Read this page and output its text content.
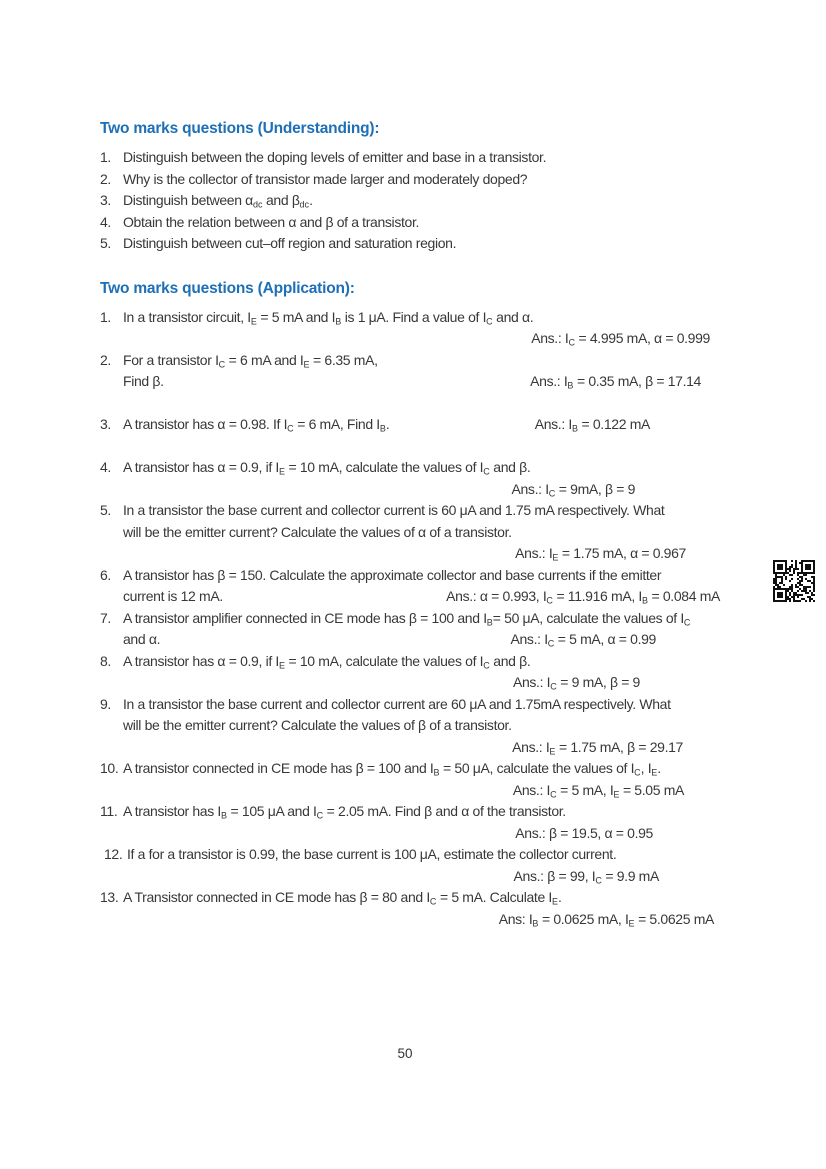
Two marks questions (Understanding):
1. Distinguish between the doping levels of emitter and base in a transistor.
2. Why is the collector of transistor made larger and moderately doped?
3. Distinguish between $\alpha_{dc}$ and $\beta_{dc}$.
4. Obtain the relation between α and β of a transistor.
5. Distinguish between cut–off region and saturation region.
Two marks questions (Application):
1. In a transistor circuit, $I_E = 5$ mA and $I_B$ is 1 μA. Find a value of $I_C$ and α.
Ans.: $I_C = 4.995$ mA, α = 0.999
2. For a transistor $I_C = 6$ mA and $I_E = 6.35$ mA,
Find β.	Ans.: $I_B = 0.35$ mA, β = 17.14
3. A transistor has α = 0.98. If $I_C = 6$ mA, Find $I_B$.	Ans.: $I_B = 0.122$ mA
4. A transistor has α = 0.9, if $I_E = 10$ mA, calculate the values of $I_C$ and β.
Ans.: $I_C = 9mA$, β = 9
5. In a transistor the base current and collector current is 60 μA and 1.75 mA respectively. What
will be the emitter current? Calculate the values of α of a transistor.
Ans.: $I_E = 1.75$ mA, α = 0.967
6. A transistor has β = 150. Calculate the approximate collector and base currents if the emitter
current is 12 mA.	Ans.: α = 0.993, $I_C = 11.916$ mA, $I_B = 0.084$ mA
7. A transistor amplifier connected in CE mode has β = 100 and $I_B= 50$ μA, calculate the values of $I_C$
and α.	Ans.: $I_C = 5$ mA, α = 0.99
8. A transistor has α = 0.9, if $I_E = 10$ mA, calculate the values of $I_C$ and β.
Ans.: $I_C = 9$ mA, β = 9
9. In a transistor the base current and collector current are 60 μA and 1.75mA respectively. What
will be the emitter current? Calculate the values of β of a transistor.
Ans.: $I_E = 1.75$ mA, β = 29.17
10. A transistor connected in CE mode has β = 100 and $I_B = 50$ μA, calculate the values of $I_C$, $I_E$.
Ans.: $I_C = 5$ mA, $I_E = 5.05$ mA
11. A transistor has $I_B = 105$ μA and $I_C = 2.05$ mA. Find β and α of the transistor.
Ans.: β = 19.5, α = 0.95
12. If a for a transistor is 0.99, the base current is 100 μA, estimate the collector current.
Ans.: β = 99, $I_C = 9.9$ mA
13. A Transistor connected in CE mode has β = 80 and $I_C = 5$ mA. Calculate $I_E$.
Ans: $I_B = 0.0625$ mA, $I_E = 5.0625$ mA
50
